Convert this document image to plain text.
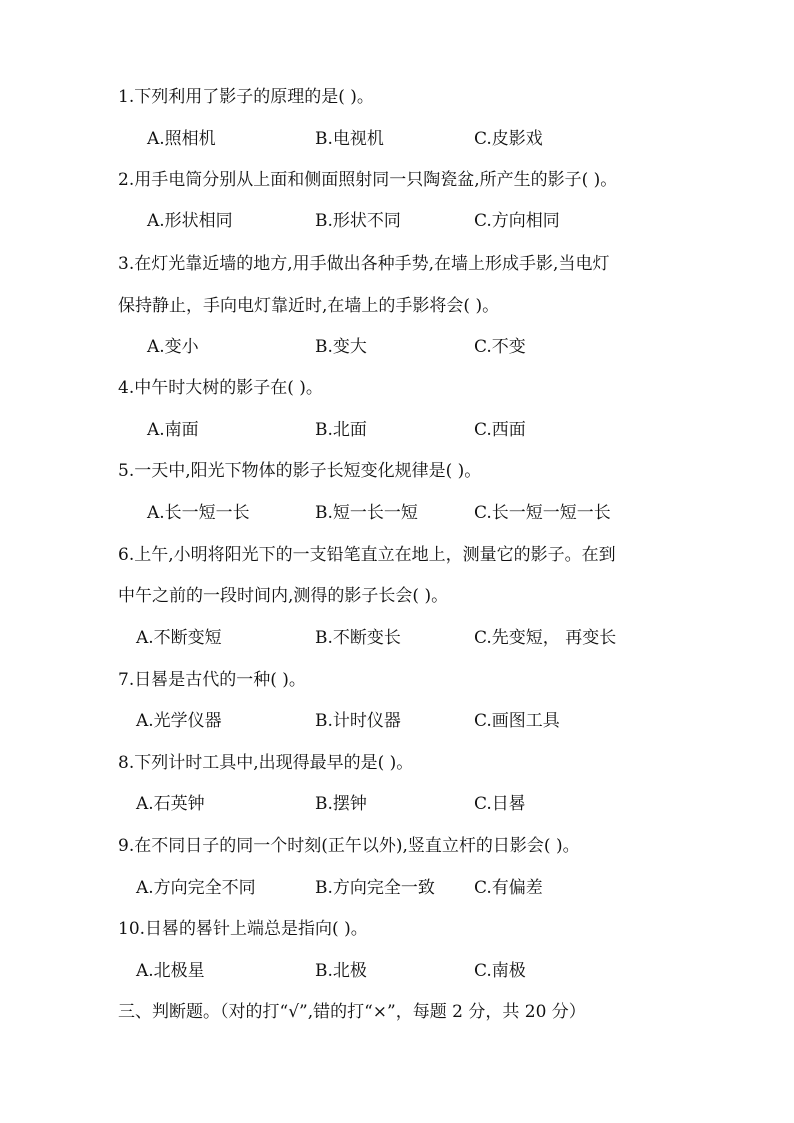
1.下列利用了影子的原理的是( )。
A.照相机	B.电视机	C.皮影戏
2.用手电筒分别从上面和侧面照射同一只陶瓷盆,所产生的影子( )。
A.形状相同	B.形状不同	C.方向相同
3.在灯光靠近墙的地方,用手做出各种手势,在墙上形成手影,当电灯
保持静止，手向电灯靠近时,在墙上的手影将会( )。
A.变小	B.变大	C.不变
4.中午时大树的影子在( )。
A.南面	B.北面	C.西面
5.一天中,阳光下物体的影子长短变化规律是( )。
A.长一短一长	B.短一长一短	C.长一短一短一长
6.上午,小明将阳光下的一支铅笔直立在地上，测量它的影子。在到
中午之前的一段时间内,测得的影子长会( )。
A.不断变短	B.不断变长	C.先变短， 再变长
7.日晷是古代的一种( )。
A.光学仪器	B.计时仪器	C.画图工具
8.下列计时工具中,出现得最早的是( )。
A.石英钟	B.摆钟	C.日晷
9.在不同日子的同一个时刻(正午以外),竖直立杆的日影会( )。
A.方向完全不同	B.方向完全一致 C.有偏差
10.日晷的晷针上端总是指向( )。
A.北极星	B.北极	C.南极
三、判断题。（对的打“√”,错的打“×”，每题 2 分，共 20 分）
